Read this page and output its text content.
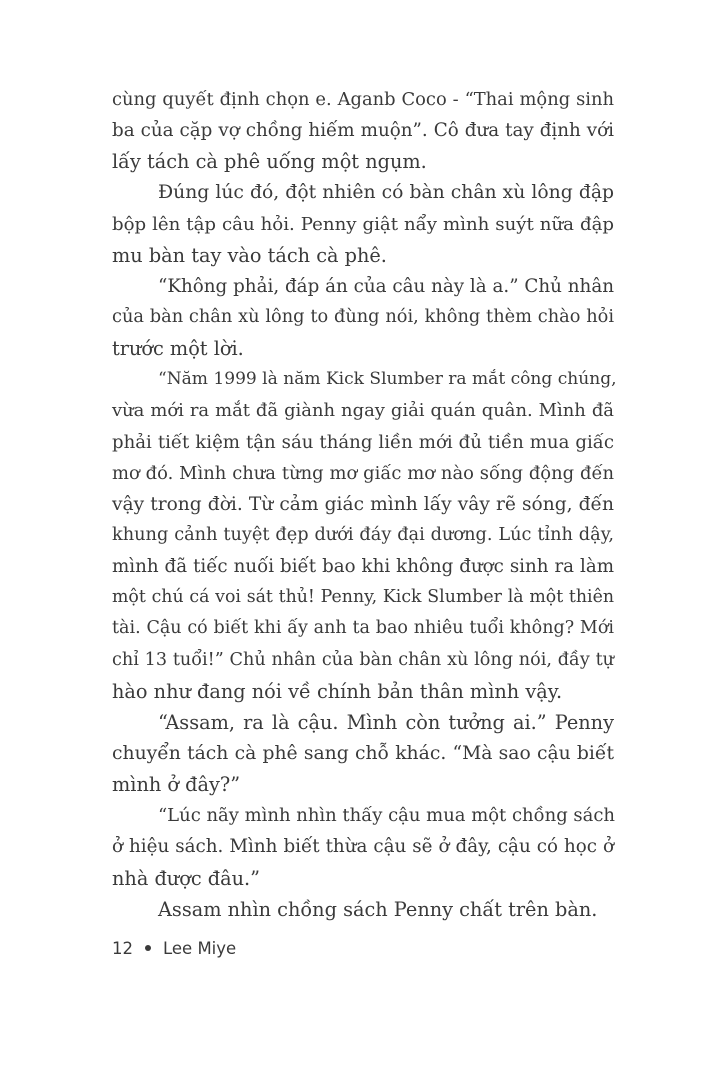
cùng quyết định chọn e. Aganb Coco - “Thai mộng sinh
ba của cặp vợ chồng hiếm muộn”. Cô đưa tay định với
lấy tách cà phê uống một ngụm.
Đúng lúc đó, đột nhiên có bàn chân xù lông đập
bộp lên tập câu hỏi. Penny giật nẩy mình suýt nữa đập
mu bàn tay vào tách cà phê.
“Không phải, đáp án của câu này là a.” Chủ nhân
của bàn chân xù lông to đùng nói, không thèm chào hỏi
trước một lời.
“Năm 1999 là năm Kick Slumber ra mắt công chúng,
vừa mới ra mắt đã giành ngay giải quán quân. Mình đã
phải tiết kiệm tận sáu tháng liền mới đủ tiền mua giấc
mơ đó. Mình chưa từng mơ giấc mơ nào sống động đến
vậy trong đời. Từ cảm giác mình lấy vây rẽ sóng, đến
khung cảnh tuyệt đẹp dưới đáy đại dương. Lúc tỉnh dậy,
mình đã tiếc nuối biết bao khi không được sinh ra làm
một chú cá voi sát thủ! Penny, Kick Slumber là một thiên
tài. Cậu có biết khi ấy anh ta bao nhiêu tuổi không? Mới
chỉ 13 tuổi!” Chủ nhân của bàn chân xù lông nói, đầy tự
hào như đang nói về chính bản thân mình vậy.
“Assam, ra là cậu. Mình còn tưởng ai.” Penny
chuyển tách cà phê sang chỗ khác. “Mà sao cậu biết
mình ở đây?”
“Lúc nãy mình nhìn thấy cậu mua một chồng sách
ở hiệu sách. Mình biết thừa cậu sẽ ở đây, cậu có học ở
nhà được đâu.”
Assam nhìn chồng sách Penny chất trên bàn.
12 Lee Miye
